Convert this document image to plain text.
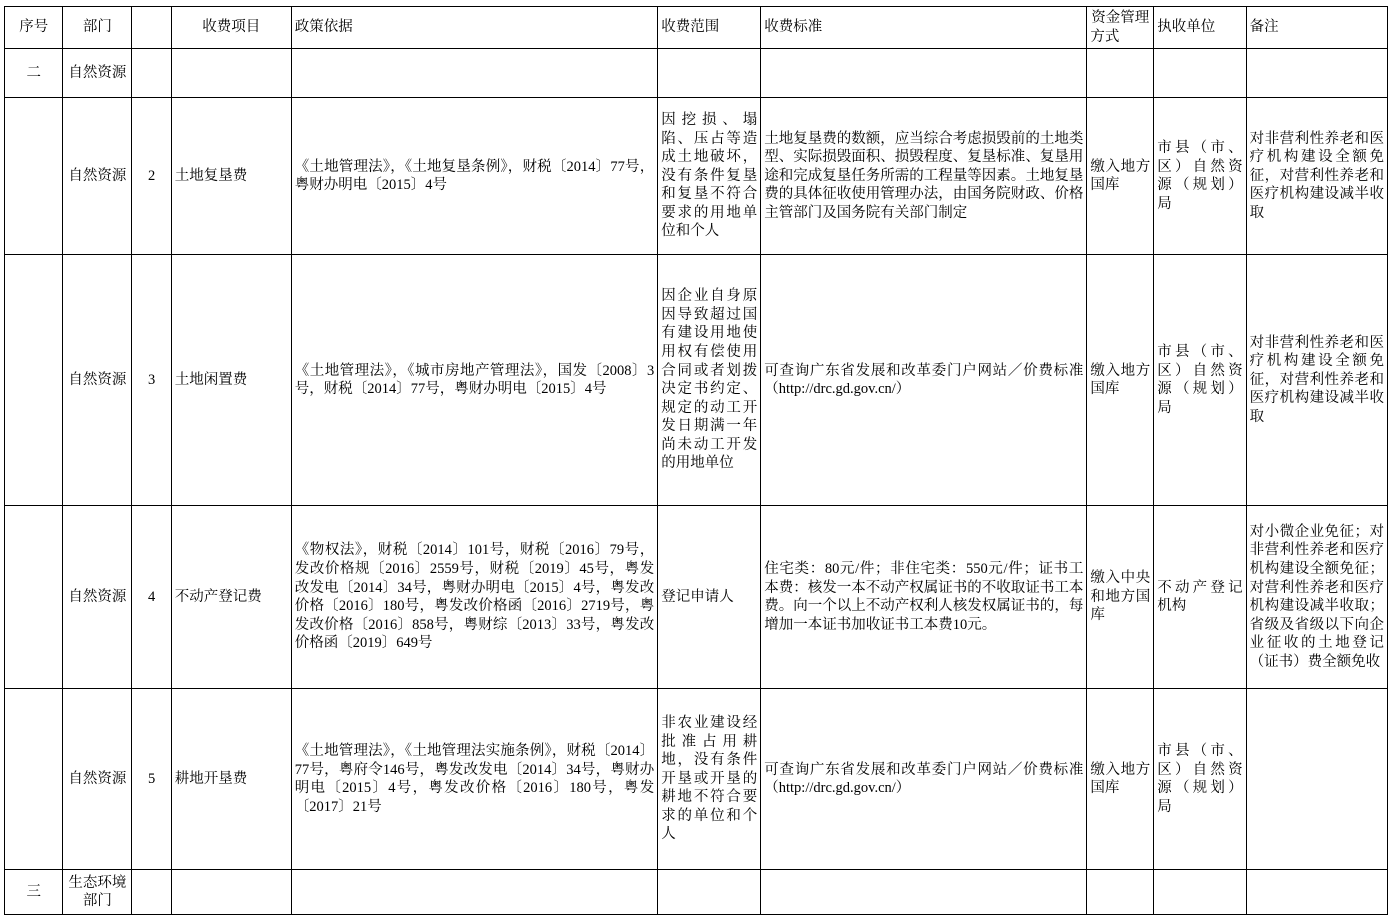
序号	部门		收费项目	政策依据	收费范围	收费标准	资金管理方式	执收单位	备注
二	自然资源								
	自然资源	2	土地复垦费	《土地管理法》，《土地复垦条例》，财税〔2014〕77号，粤财办明电〔2015〕4号	因挖损、塌陷、压占等造成土地破坏，没有条件复垦和复垦不符合要求的用地单位和个人	土地复垦费的数额，应当综合考虑损毁前的土地类型、实际损毁面积、损毁程度、复垦标准、复垦用途和完成复垦任务所需的工程量等因素。土地复垦费的具体征收使用管理办法，由国务院财政、价格主管部门及国务院有关部门制定	缴入地方国库	市县（市、区）自然资源（规划）局	对非营利性养老和医疗机构建设全额免征，对营利性养老和医疗机构建设减半收取
	自然资源	3	土地闲置费	《土地管理法》，《城市房地产管理法》，国发〔2008〕3号，财税〔2014〕77号，粤财办明电〔2015〕4号	因企业自身原因导致超过国有建设用地使用权有偿使用合同或者划拨决定书约定、规定的动工开发日期满一年尚未动工开发的用地单位	可查询广东省发展和改革委门户网站／价费标准（http://drc.gd.gov.cn/）	缴入地方国库	市县（市、区）自然资源（规划）局	对非营利性养老和医疗机构建设全额免征，对营利性养老和医疗机构建设减半收取
	自然资源	4	不动产登记费	《物权法》，财税〔2014〕101号，财税〔2016〕79号，发改价格规〔2016〕2559号，财税〔2019〕45号，粤发改发电〔2014〕34号，粤财办明电〔2015〕4号，粤发改价格〔2016〕180号，粤发改价格函〔2016〕2719号，粤发改价格〔2016〕858号，粤财综〔2013〕33号，粤发改价格函〔2019〕649号	登记申请人	住宅类：80元/件；非住宅类：550元/件；证书工本费：核发一本不动产权属证书的不收取证书工本费。向一个以上不动产权利人核发权属证书的，每增加一本证书加收证书工本费10元。	缴入中央和地方国库	不动产登记机构	对小微企业免征；对非营利性养老和医疗机构建设全额免征；对营利性养老和医疗机构建设减半收取；省级及省级以下向企业征收的土地登记（证书）费全额免收
	自然资源	5	耕地开垦费	《土地管理法》，《土地管理法实施条例》，财税〔2014〕77号，粤府令146号，粤发改发电〔2014〕34号，粤财办明电〔2015〕4号，粤发改价格〔2016〕180号，粤发〔2017〕21号	非农业建设经批准占用耕地，没有条件开垦或开垦的耕地不符合要求的单位和个人	可查询广东省发展和改革委门户网站／价费标准（http://drc.gd.gov.cn/）	缴入地方国库	市县（市、区）自然资源（规划）局	
三	生态环境部门								
